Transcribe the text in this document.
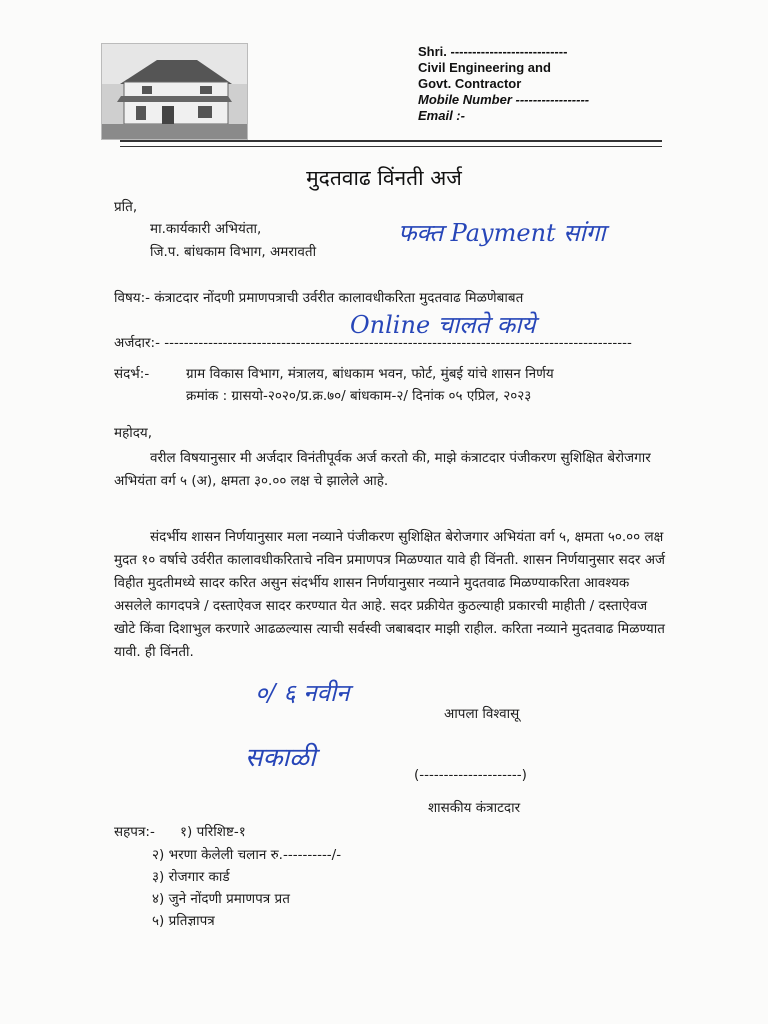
Shri. ---------------------------
Civil Engineering and
Govt. Contractor
Mobile Number -----------------
Email :-
मुदतवाढ विंनती अर्ज
प्रति,
मा.कार्यकारी अभियंता,
जि.प. बांधकाम विभाग, अमरावती
फक्त Payment सांगा
विषय:- कंत्राटदार नोंदणी प्रमाणपत्राची उर्वरीत कालावधीकरिता मुदतवाढ मिळणेबाबत
Online चालते काये
अर्जदार:- ------------------------------------------------------------------------------------------------
संदर्भ:-	ग्राम विकास विभाग, मंत्रालय, बांधकाम भवन, फोर्ट, मुंबई यांचे शासन निर्णय
क्रमांक : ग्रासयो-२०२०/प्र.क्र.७०/ बांधकाम-२/ दिनांक ०५ एप्रिल, २०२३
महोदय,
वरील विषयानुसार मी अर्जदार विनंतीपूर्वक अर्ज करतो की, माझे कंत्राटदार पंजीकरण सुशिक्षित बेरोजगार अभियंता वर्ग ५ (अ), क्षमता ३०.०० लक्ष चे झालेले आहे.
संदर्भीय शासन निर्णयानुसार मला नव्याने पंजीकरण सुशिक्षित बेरोजगार अभियंता वर्ग ५, क्षमता ५०.०० लक्ष मुदत १० वर्षाचे उर्वरीत कालावधीकरिताचे नविन प्रमाणपत्र मिळण्यात यावे ही विंनती. शासन निर्णयानुसार सदर अर्ज विहीत मुदतीमध्ये सादर करित असुन संदर्भीय शासन निर्णयानुसार नव्याने मुदतवाढ मिळण्याकरिता आवश्यक असलेले कागदपत्रे / दस्ताऐवज सादर करण्यात येत आहे. सदर प्रक्रीयेत कुठल्याही प्रकारची माहीती / दस्ताऐवज खोटे किंवा दिशाभुल करणारे आढळल्यास त्याची सर्वस्वी जबाबदार माझी राहील. करिता नव्याने मुदतवाढ मिळण्यात यावी. ही विंनती.
०/ ६ नवीन
सकाळी
आपला विश्वासू
(---------------------)
शासकीय कंत्राटदार
सहपत्र:- १) परिशिष्ट-१
२) भरणा केलेली चलान रु.----------/-
३) रोजगार कार्ड
४) जुने नोंदणी प्रमाणपत्र प्रत
५) प्रतिज्ञापत्र
